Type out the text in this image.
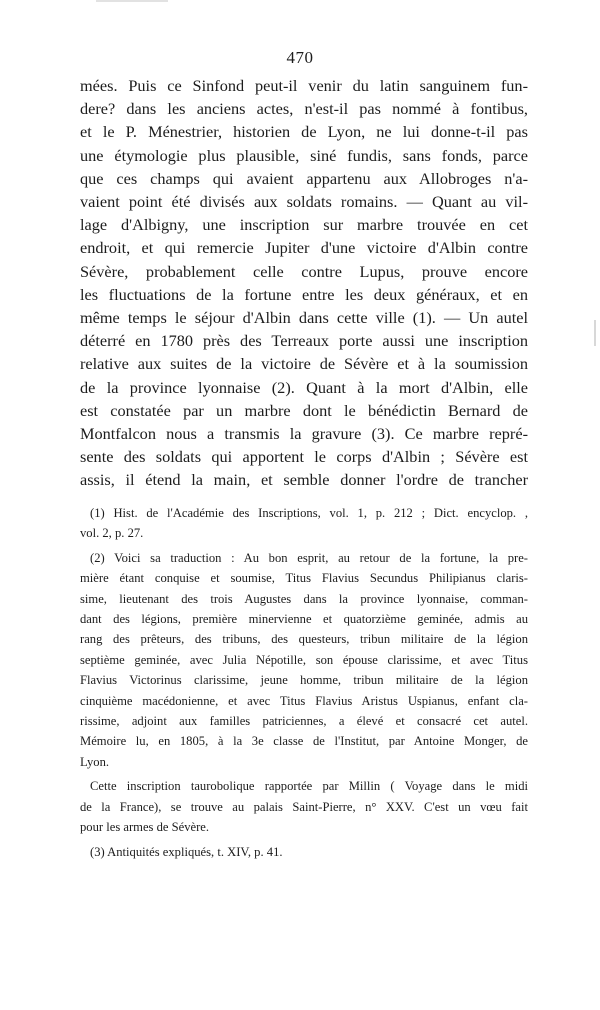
470
mées. Puis ce Sinfond peut-il venir du latin sanguinem fun-
dere? dans les anciens actes, n'est-il pas nommé à fontibus,
et le P. Ménestrier, historien de Lyon, ne lui donne-t-il pas
une étymologie plus plausible, siné fundis, sans fonds, parce
que ces champs qui avaient appartenu aux Allobroges n'a-
vaient point été divisés aux soldats romains. — Quant au vil-
lage d'Albigny, une inscription sur marbre trouvée en cet
endroit, et qui remercie Jupiter d'une victoire d'Albin contre
Sévère, probablement celle contre Lupus, prouve encore
les fluctuations de la fortune entre les deux généraux, et en
même temps le séjour d'Albin dans cette ville (1). — Un autel
déterré en 1780 près des Terreaux porte aussi une inscription
relative aux suites de la victoire de Sévère et à la soumission
de la province lyonnaise (2). Quant à la mort d'Albin, elle
est constatée par un marbre dont le bénédictin Bernard de
Montfalcon nous a transmis la gravure (3). Ce marbre repré-
sente des soldats qui apportent le corps d'Albin ; Sévère est
assis, il étend la main, et semble donner l'ordre de trancher
(1) Hist. de l'Académie des Inscriptions, vol. 1, p. 212 ; Dict. encyclop. ,
vol. 2, p. 27.
(2) Voici sa traduction : Au bon esprit, au retour de la fortune, la pre-
mière étant conquise et soumise, Titus Flavius Secundus Philipianus claris-
sime, lieutenant des trois Augustes dans la province lyonnaise, comman-
dant des légions, première minervienne et quatorzième geminée, admis au
rang des prêteurs, des tribuns, des questeurs, tribun militaire de la légion
septième geminée, avec Julia Népotille, son épouse clarissime, et avec Titus
Flavius Victorinus clarissime, jeune homme, tribun militaire de la légion
cinquième macédonienne, et avec Titus Flavius Aristus Uspianus, enfant cla-
rissime, adjoint aux familles patriciennes, a élevé et consacré cet autel.
Mémoire lu, en 1805, à la 3e classe de l'Institut, par Antoine Monger, de
Lyon.
Cette inscription taurobolique rapportée par Millin ( Voyage dans le midi
de la France), se trouve au palais Saint-Pierre, n° XXV. C'est un vœu fait
pour les armes de Sévère.
(3) Antiquités expliqués, t. XIV, p. 41.
